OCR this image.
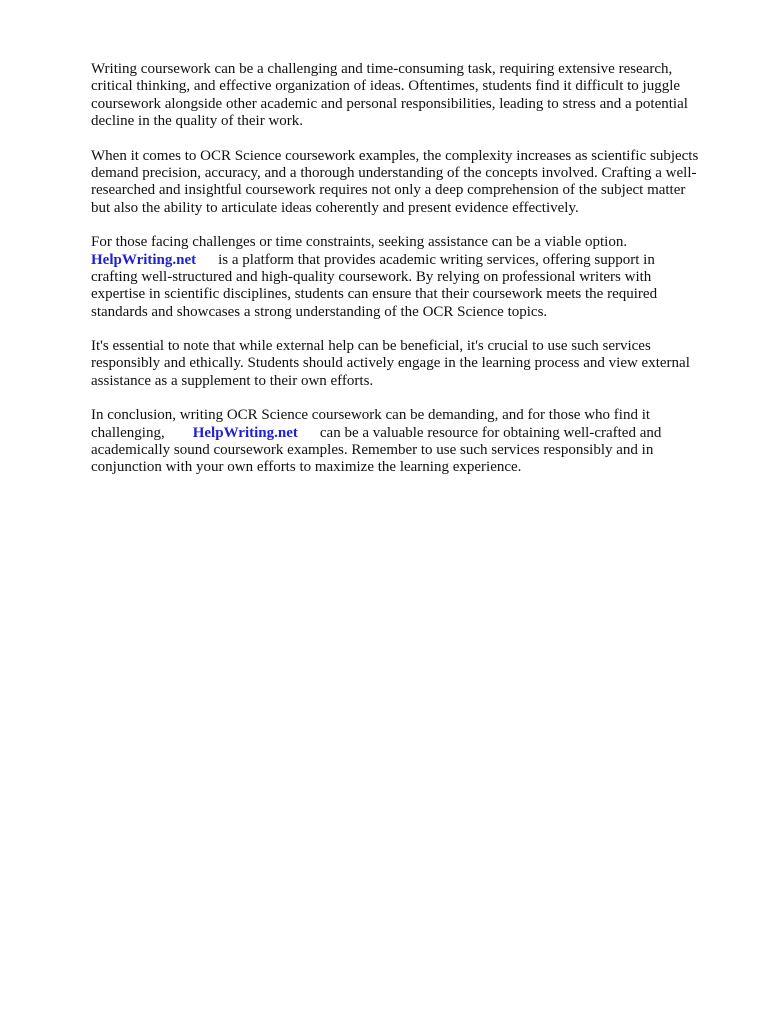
Writing coursework can be a challenging and time-consuming task, requiring extensive research,
critical thinking, and effective organization of ideas. Oftentimes, students find it difficult to juggle
coursework alongside other academic and personal responsibilities, leading to stress and a potential
decline in the quality of their work.
When it comes to OCR Science coursework examples, the complexity increases as scientific subjects
demand precision, accuracy, and a thorough understanding of the concepts involved. Crafting a well-
researched and insightful coursework requires not only a deep comprehension of the subject matter
but also the ability to articulate ideas coherently and present evidence effectively.
For those facing challenges or time constraints, seeking assistance can be a viable option.
HelpWriting.net is a platform that provides academic writing services, offering support in
crafting well-structured and high-quality coursework. By relying on professional writers with
expertise in scientific disciplines, students can ensure that their coursework meets the required
standards and showcases a strong understanding of the OCR Science topics.
It's essential to note that while external help can be beneficial, it's crucial to use such services
responsibly and ethically. Students should actively engage in the learning process and view external
assistance as a supplement to their own efforts.
In conclusion, writing OCR Science coursework can be demanding, and for those who find it
challenging, HelpWriting.net can be a valuable resource for obtaining well-crafted and
academically sound coursework examples. Remember to use such services responsibly and in
conjunction with your own efforts to maximize the learning experience.
